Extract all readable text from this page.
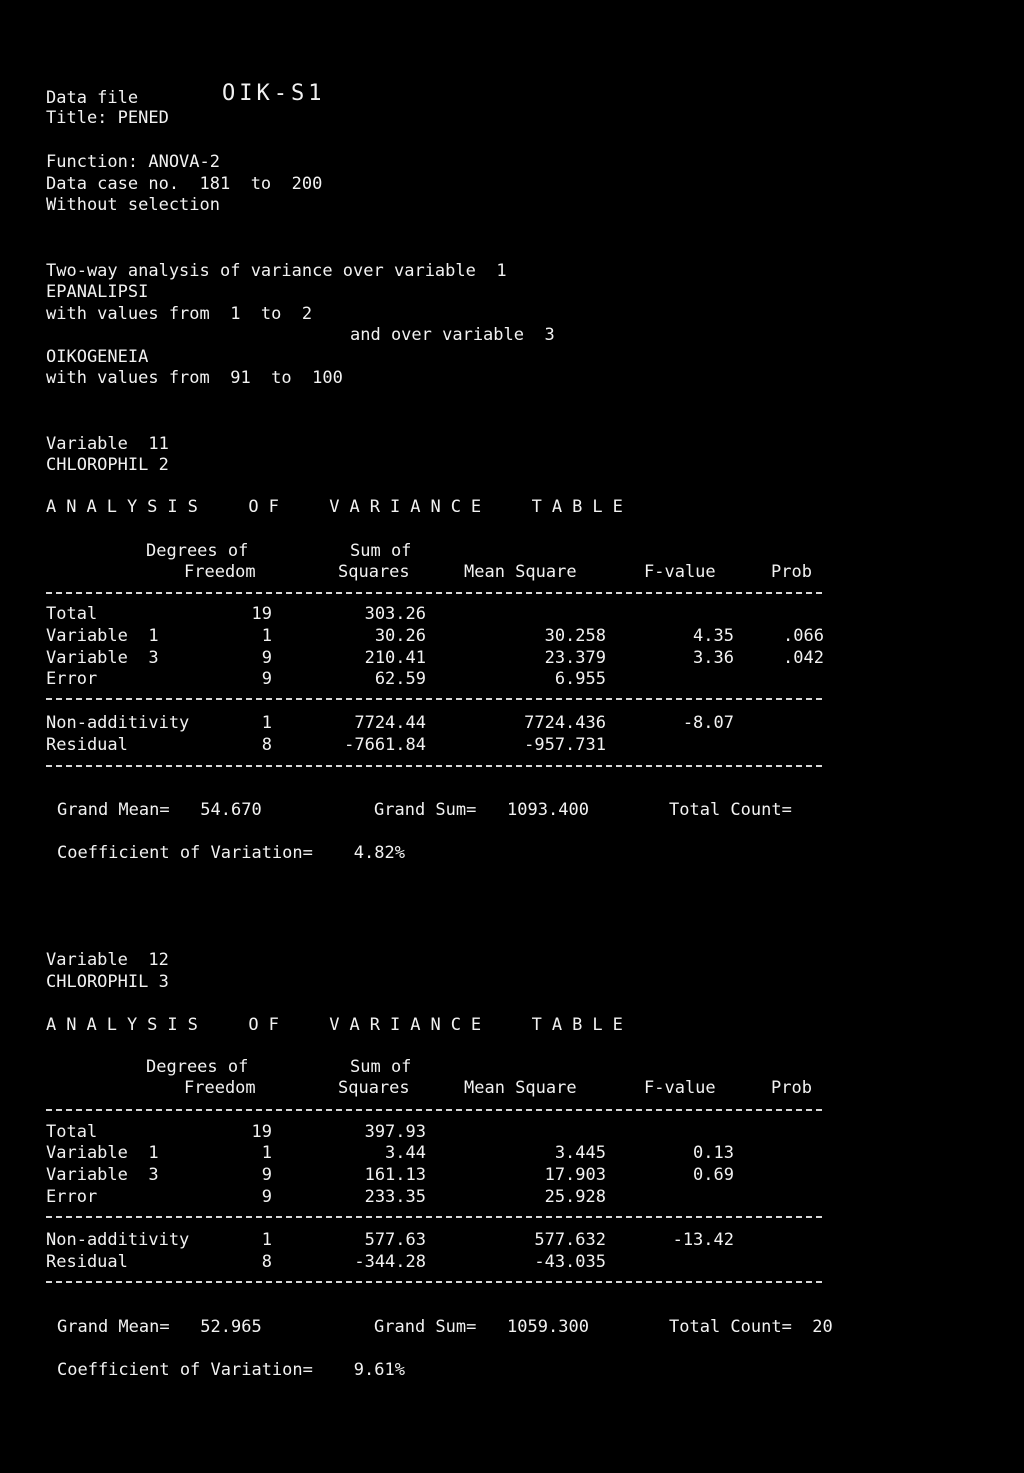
Data file	OIK-S1
Title: PENED
Function: ANOVA-2
Data case no.  181  to  200
Without selection
Two-way analysis of variance over variable  1
EPANALIPSI
with values from  1  to  2
and over variable  3
OIKOGENEIA
with values from  91  to  100
Variable  11
CHLOROPHIL 2
ANALYSIS  OF  VARIANCE  TABLE
Degrees of
Freedom
Sum of
Squares	Mean Square	F-value	Prob
Total	19	303.26
Variable  1	1	30.26	30.258	4.35	.066
Variable  3	9	210.41	23.379	3.36	.042
Error	9	62.59	6.955
Non-additivity	1	7724.44	7724.436	-8.07
Residual	8	-7661.84	-957.731
Grand Mean=   54.670	Grand Sum=   1093.400	Total Count=
Coefficient of Variation=    4.82%
Variable  12
CHLOROPHIL 3
ANALYSIS  OF  VARIANCE  TABLE
Degrees of
Freedom
Sum of
Squares	Mean Square	F-value	Prob
Total	19	397.93
Variable  1	1	3.44	3.445	0.13
Variable  3	9	161.13	17.903	0.69
Error	9	233.35	25.928
Non-additivity	1	577.63	577.632	-13.42
Residual	8	-344.28	-43.035
Grand Mean=   52.965	Grand Sum=   1059.300	Total Count=  20
Coefficient of Variation=    9.61%
